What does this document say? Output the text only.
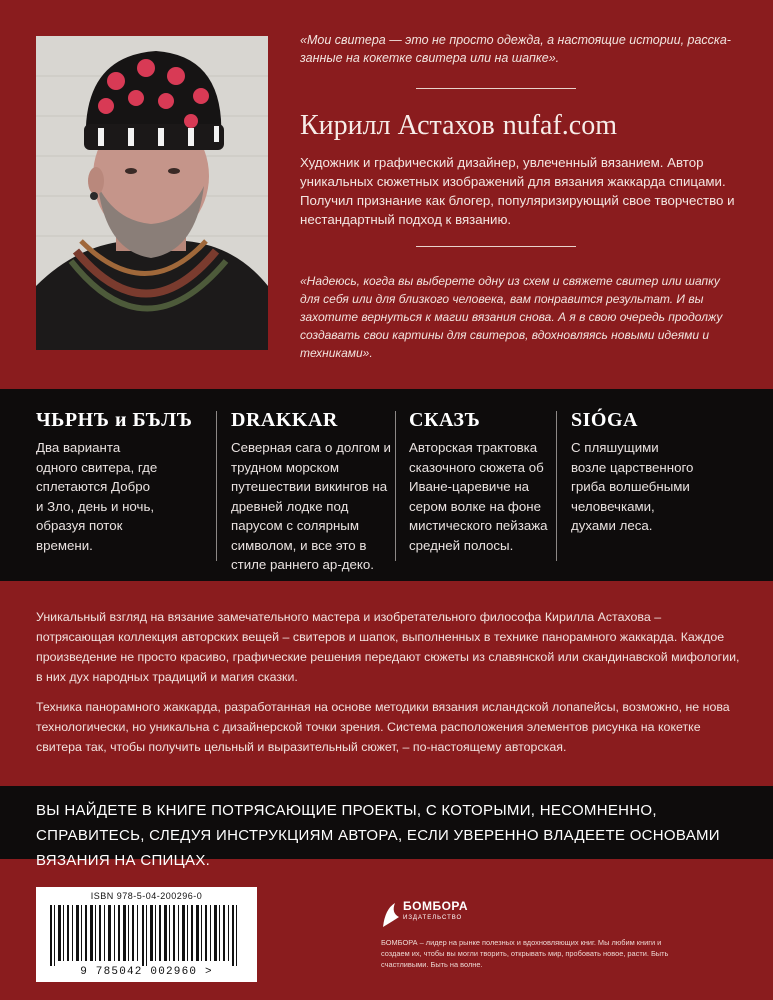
«Мои свитера — это не просто одежда, а настоящие истории, расска-
занные на кокетке свитера или на шапке».
Кирилл Астахов nufaf.com
Художник и графический дизайнер, увлеченный вязанием. Автор уникальных сюжетных изображений для вязания жаккарда спицами. Получил признание как блогер, популяризирующий свое творчество и нестандартный подход к вязанию.
«Надеюсь, когда вы выберете одну из схем и свяжете свитер или шапку для себя или для близкого человека, вам понравится результат. И вы захотите вернуться к магии вязания снова. А я в свою очередь продолжу создавать свои картины для свитеров, вдохновляясь новыми идеями и техниками».
ЧЬРНЪ и БЪЛЪ
Два варианта одного свитера, где сплетаются Добро и Зло, день и ночь, образуя поток времени.
DRAKKAR
Северная сага о долгом и трудном морском путешествии викингов на древней лодке под парусом с солярным символом, и все это в стиле раннего ар-деко.
СКАЗЪ
Авторская трактовка сказочного сюжета об Иване-царевиче на сером волке на фоне мистического пейзажа средней полосы.
SIÓGA
С пляшущими возле царственного гриба волшебными человечками, духами леса.
Уникальный взгляд на вязание замечательного мастера и изобретательного философа Кирилла Астахова – потрясающая коллекция авторских вещей – свитеров и шапок, выполненных в технике панорамного жаккарда. Каждое произведение не просто красиво, графические решения передают сюжеты из славянской или скандинавской мифологии, в них дух народных традиций и магия сказки.
Техника панорамного жаккарда, разработанная на основе методики вязания исландской лопапейсы, возможно, не нова технологически, но уникальна с дизайнерской точки зрения. Система расположения элементов рисунка на кокетке свитера так, чтобы получить цельный и выразительный сюжет, – по-настоящему авторская.
ВЫ НАЙДЕТЕ В КНИГЕ ПОТРЯСАЮЩИЕ ПРОЕКТЫ, С КОТОРЫМИ, НЕСОМНЕННО, СПРАВИТЕСЬ, СЛЕДУЯ ИНСТРУКЦИЯМ АВТОРА, ЕСЛИ УВЕРЕННО ВЛАДЕЕТЕ ОСНОВАМИ ВЯЗАНИЯ НА СПИЦАХ.
ISBN 978-5-04-200296-0
9 785042 002960 >
БОМБОРА
ИЗДАТЕЛЬСТВО
БОМБОРА – лидер на рынке полезных и вдохновляющих книг. Мы любим книги и создаем их, чтобы вы могли творить, открывать мир, пробовать новое, расти. Быть счастливыми. Быть на волне.
